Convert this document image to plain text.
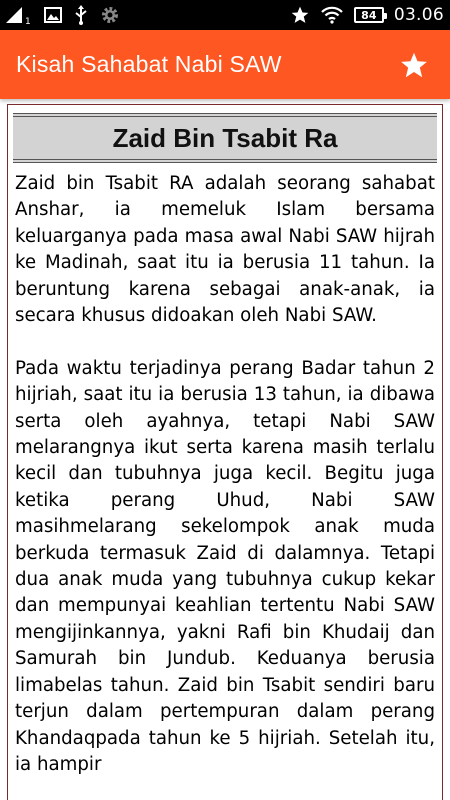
1
84 03.06
Kisah Sahabat Nabi SAW
Zaid Bin Tsabit Ra

Zaid bin Tsabit RA adalah seorang sahabat Anshar, ia memeluk Islam bersama keluarganya pada masa awal Nabi SAW hijrah ke Madinah, saat itu ia berusia 11 tahun. Ia beruntung karena sebagai anak-anak, ia secara khusus didoakan oleh Nabi SAW.

Pada waktu terjadinya perang Badar tahun 2 hijriah, saat itu ia berusia 13 tahun, ia dibawa serta oleh ayahnya, tetapi Nabi SAW melarangnya ikut serta karena masih terlalu kecil dan tubuhnya juga kecil. Begitu juga ketika perang Uhud, Nabi SAW masihmelarang sekelompok anak muda berkuda termasuk Zaid di dalamnya. Tetapi dua anak muda yang tubuhnya cukup kekar dan mempunyai keahlian tertentu Nabi SAW mengijinkannya, yakni Rafi bin Khudaij dan Samurah bin Jundub. Keduanya berusia limabelas tahun. Zaid bin Tsabit sendiri baru terjun dalam pertempuran dalam perang Khandaqpada tahun ke 5 hijriah. Setelah itu, ia hampir
